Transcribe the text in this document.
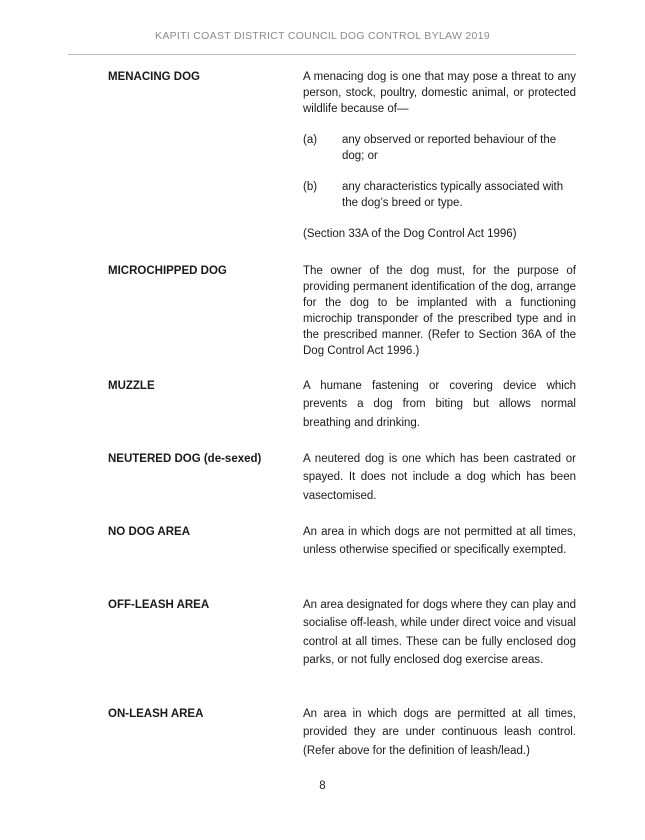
KAPITI COAST DISTRICT COUNCIL DOG CONTROL BYLAW 2019
MENACING DOG	A menacing dog is one that may pose a threat to any person, stock, poultry, domestic animal, or protected wildlife because of—

(a) any observed or reported behaviour of the dog; or
(b) any characteristics typically associated with the dog’s breed or type.

(Section 33A of the Dog Control Act 1996)

MICROCHIPPED DOG	The owner of the dog must, for the purpose of providing permanent identification of the dog, arrange for the dog to be implanted with a functioning microchip transponder of the prescribed type and in the prescribed manner. (Refer to Section 36A of the Dog Control Act 1996.)

MUZZLE	A humane fastening or covering device which prevents a dog from biting but allows normal breathing and drinking.

NEUTERED DOG (de-sexed)	A neutered dog is one which has been castrated or spayed. It does not include a dog which has been vasectomised.

NO DOG AREA	An area in which dogs are not permitted at all times, unless otherwise specified or specifically exempted.

OFF-LEASH AREA	An area designated for dogs where they can play and socialise off-leash, while under direct voice and visual control at all times. These can be fully enclosed dog parks, or not fully enclosed dog exercise areas.

ON-LEASH AREA	An area in which dogs are permitted at all times, provided they are under continuous leash control. (Refer above for the definition of leash/lead.)

8
